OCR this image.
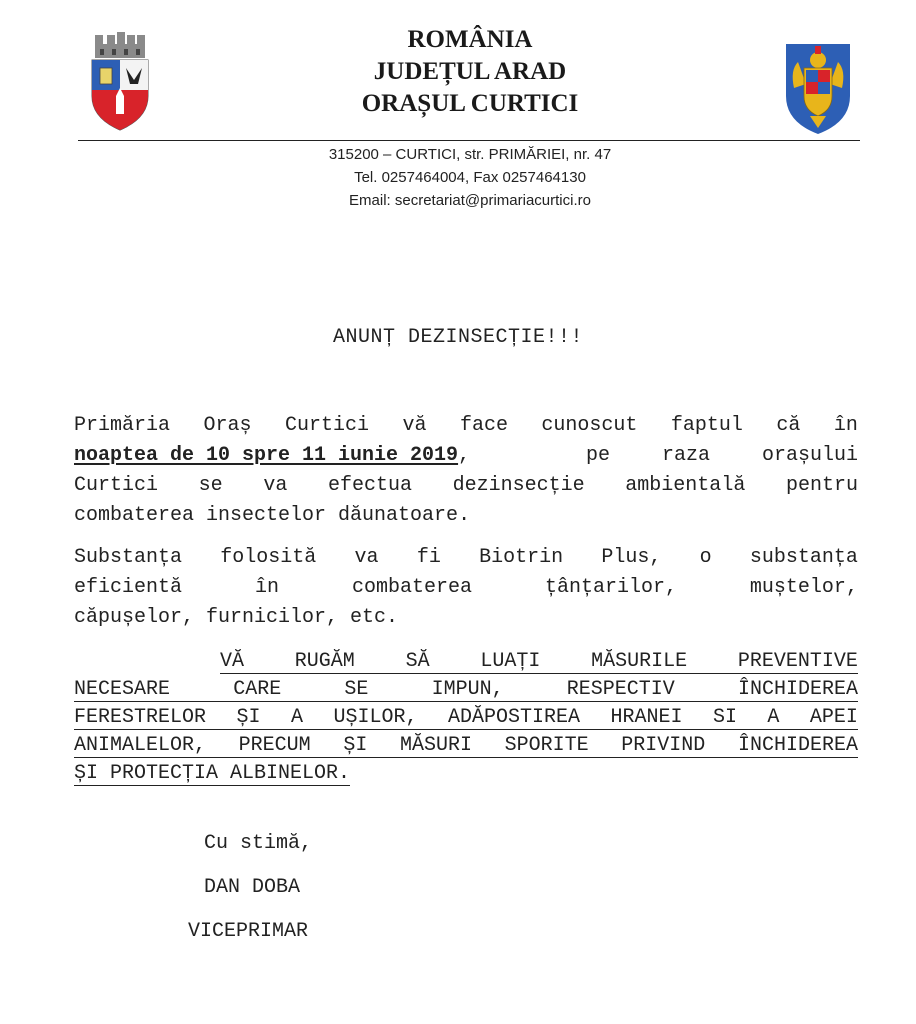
ROMÂNIA
JUDEȚUL ARAD
ORAȘUL CURTICI
315200 – CURTICI, str. PRIMĂRIEI, nr. 47
Tel. 0257464004, Fax 0257464130
Email: secretariat@primariacurtici.ro
ANUNȚ DEZINSECȚIE!!!
Primăria Oraș Curtici vă face cunoscut faptul că în
noaptea de 10 spre 11 iunie 2019,	pe	raza	orașului
Curtici se va efectua dezinsecție ambientală pentru
combaterea insectelor dăunatoare.
Substanța folosită va fi Biotrin Plus, o substanța
eficientă	în	combaterea	țânțarilor,	muștelor,
căpușelor, furnicilor, etc.
VĂ	RUGĂM	SĂ	LUAȚI	MĂSURILE	PREVENTIVE
NECESARE	CARE	SE	IMPUN,	RESPECTIV	ÎNCHIDEREA
FERESTRELOR ȘI A UȘILOR, ADĂPOSTIREA HRANEI SI A APEI
ANIMALELOR, PRECUM ȘI MĂSURI SPORITE PRIVIND ÎNCHIDEREA
ȘI PROTECȚIA ALBINELOR.
Cu stimă,
DAN DOBA
VICEPRIMAR
